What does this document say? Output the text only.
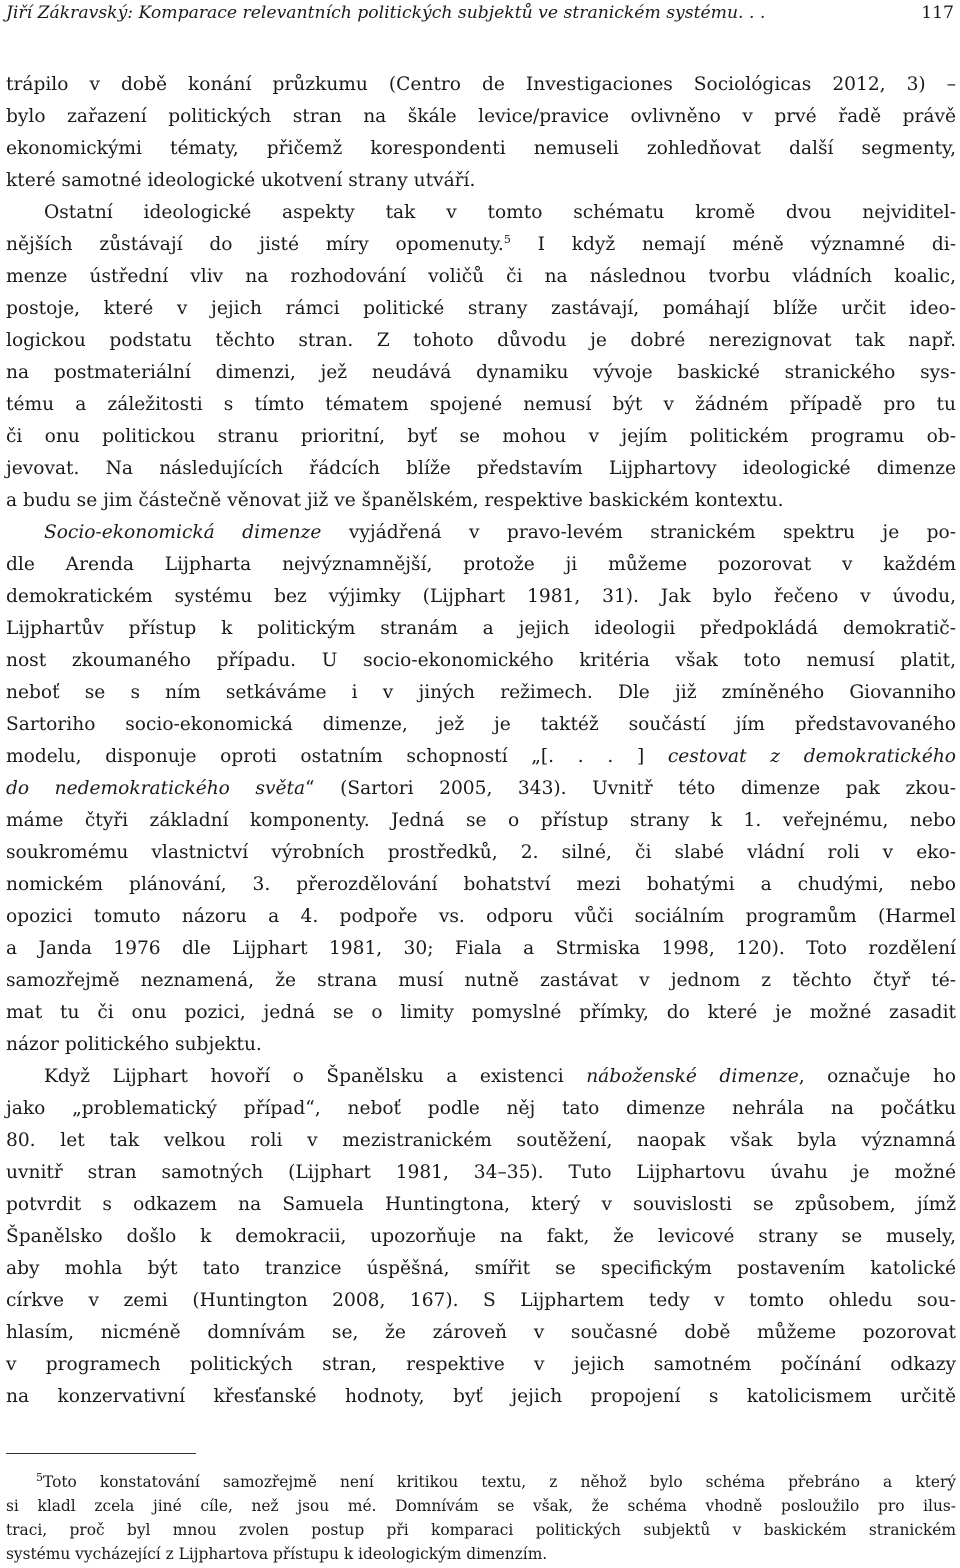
Jiří Zákravský: Komparace relevantních politických subjektů ve stranickém systému. . .	117
trápilo v době konání průzkumu (Centro de Investigaciones Sociológicas 2012, 3) –
bylo zařazení politických stran na škále levice/pravice ovlivněno v prvé řadě právě
ekonomickými tématy, přičemž korespondenti nemuseli zohledňovat další segmenty,
které samotné ideologické ukotvení strany utváří.
Ostatní ideologické aspekty tak v tomto schématu kromě dvou nejviditel-
nějších zůstávají do jisté míry opomenuty.$^5$ I když nemají méně významné di-
menze ústřední vliv na rozhodování voličů či na následnou tvorbu vládních koalic,
postoje, které v jejich rámci politické strany zastávají, pomáhají blíže určit ideo-
logickou podstatu těchto stran. Z tohoto důvodu je dobré nerezignovat tak např.
na postmateriální dimenzi, jež neudává dynamiku vývoje baskické stranického sys-
tému a záležitosti s tímto tématem spojené nemusí být v žádném případě pro tu
či onu politickou stranu prioritní, byť se mohou v jejím politickém programu ob-
jevovat. Na následujících řádcích blíže představím Lijphartovy ideologické dimenze
a budu se jim částečně věnovat již ve španělském, respektive baskickém kontextu.
Socio-ekonomická dimenze vyjádřená v pravo-levém stranickém spektru je po-
dle Arenda Lijpharta nejvýznamnější, protože ji můžeme pozorovat v každém
demokratickém systému bez výjimky (Lijphart 1981, 31). Jak bylo řečeno v úvodu,
Lijphartův přístup k politickým stranám a jejich ideologii předpokládá demokratič-
nost zkoumaného případu. U socio-ekonomického kritéria však toto nemusí platit,
neboť se s ním setkáváme i v jiných režimech. Dle již zmíněného Giovanniho
Sartoriho socio-ekonomická dimenze, jež je taktéž součástí jím představovaného
modelu, disponuje oproti ostatním schopností „[. . . ] cestovat z demokratického
do nedemokratického světa“ (Sartori 2005, 343). Uvnitř této dimenze pak zkou-
máme čtyři základní komponenty. Jedná se o přístup strany k 1. veřejnému, nebo
soukromému vlastnictví výrobních prostředků, 2. silné, či slabé vládní roli v eko-
nomickém plánování, 3. přerozdělování bohatství mezi bohatými a chudými, nebo
opozici tomuto názoru a 4. podpoře vs. odporu vůči sociálním programům (Harmel
a Janda 1976 dle Lijphart 1981, 30; Fiala a Strmiska 1998, 120). Toto rozdělení
samozřejmě neznamená, že strana musí nutně zastávat v jednom z těchto čtyř té-
mat tu či onu pozici, jedná se o limity pomyslné přímky, do které je možné zasadit
názor politického subjektu.
Když Lijphart hovoří o Španělsku a existenci náboženské dimenze, označuje ho
jako „problematický případ“, neboť podle něj tato dimenze nehrála na počátku
80. let tak velkou roli v mezistranickém soutěžení, naopak však byla významná
uvnitř stran samotných (Lijphart 1981, 34–35). Tuto Lijphartovu úvahu je možné
potvrdit s odkazem na Samuela Huntingtona, který v souvislosti se způsobem, jímž
Španělsko došlo k demokracii, upozorňuje na fakt, že levicové strany se musely,
aby mohla být tato tranzice úspěšná, smířit se specifickým postavením katolické
církve v zemi (Huntington 2008, 167). S Lijphartem tedy v tomto ohledu sou-
hlasím, nicméně domnívám se, že zároveň v současné době můžeme pozorovat
v programech politických stran, respektive v jejich samotném počínání odkazy
na konzervativní křesťanské hodnoty, byť jejich propojení s katolicismem určitě
$^5$Toto konstatování samozřejmě není kritikou textu, z něhož bylo schéma přebráno a který
si kladl zcela jiné cíle, než jsou mé. Domnívám se však, že schéma vhodně posloužilo pro ilus-
traci, proč byl mnou zvolen postup při komparaci politických subjektů v baskickém stranickém
systému vycházející z Lijphartova přístupu k ideologickým dimenzím.
